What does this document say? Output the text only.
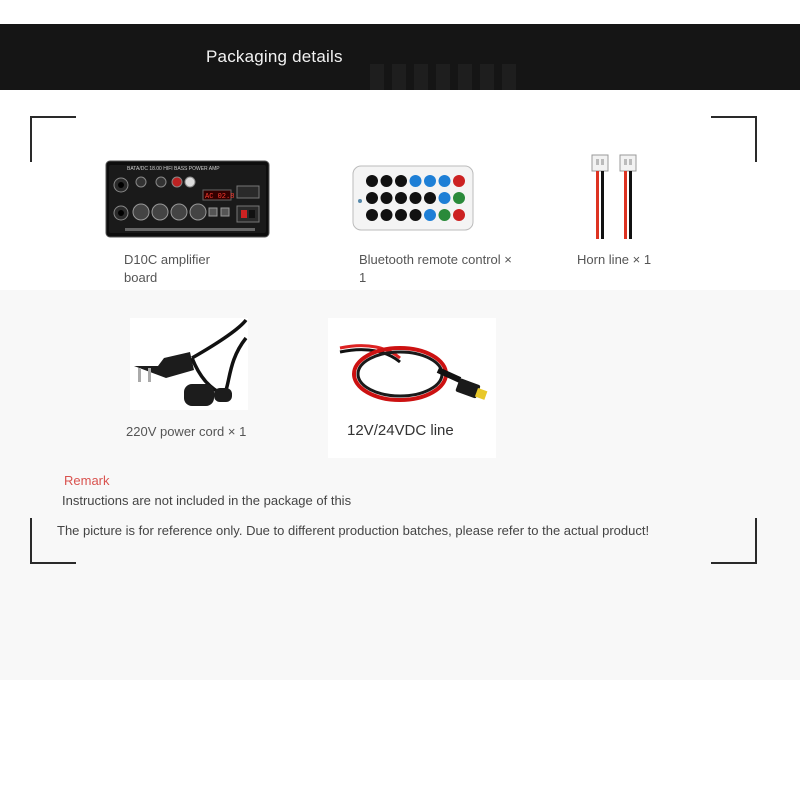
Packaging details
BATA/DC 18.00 HIFI BASS POWER AMP
AC 02.8
D10C amplifier board
Bluetooth remote control × 1
Horn line × 1
220V power cord × 1	12V/24VDC line
Remark
Instructions are not included in the package of this
The picture is for reference only. Due to different production batches, please refer to the actual product!
